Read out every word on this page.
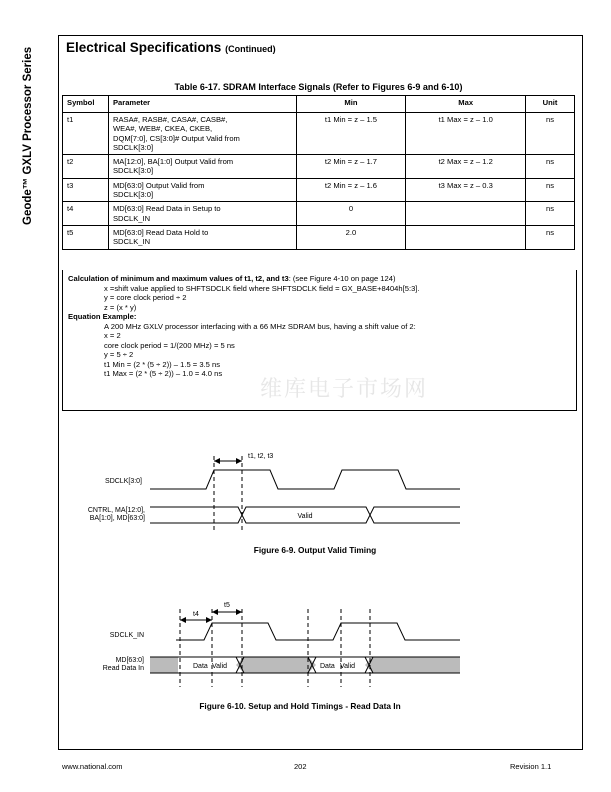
Geode™ GXLV Processor Series Electrical Specifications (Continued)
Table 6-17. SDRAM Interface Signals (Refer to Figures 6-9 and 6-10)
Symbol	Parameter	Min	Max	Unit
t1	RASA#, RASB#, CASA#, CASB#,
WEA#, WEB#, CKEA, CKEB,
DQM[7:0], CS[3:0]# Output Valid from
SDCLK[3:0]	t1 Min = z – 1.5	t1 Max = z – 1.0	ns
t2	MA[12:0], BA[1:0] Output Valid from
SDCLK[3:0]	t2 Min = z – 1.7	t2 Max = z – 1.2	ns
t3	MD[63:0] Output Valid from
SDCLK[3:0]	t2 Min = z – 1.6	t3 Max = z – 0.3	ns
t4	MD[63:0] Read Data in Setup to
SDCLK_IN	0		ns
t5	MD[63:0] Read Data Hold to
SDCLK_IN	2.0		ns
Calculation of minimum and maximum values of t1, t2, and t3: (see Figure 4-10 on page 124)
x =shift value applied to SHFTSDCLK field where SHFTSDCLK field = GX_BASE+8404h[5:3].
y = core clock period ÷ 2
z = (x * y)
Equation Example:
A 200 MHz GXLV processor interfacing with a 66 MHz SDRAM bus, having a shift value of 2:
x = 2
core clock period = 1/(200 MHz) = 5 ns
y = 5 ÷ 2
t1 Min = (2 * (5 ÷ 2)) – 1.5 = 3.5 ns
t1 Max = (2 * (5 ÷ 2)) – 1.0 = 4.0 ns
维库电子市场网
SDCLK[3:0]
CNTRL, MA[12:0],
BA[1:0], MD[63:0]
t1, t2, t3
Valid
Figure 6-9. Output Valid Timing
SDCLK_IN
MD[63:0]
Read Data In
t4
t5
Data Valid	Data Valid
Figure 6-10. Setup and Hold Timings - Read Data In
www.national.com	202	Revision 1.1
